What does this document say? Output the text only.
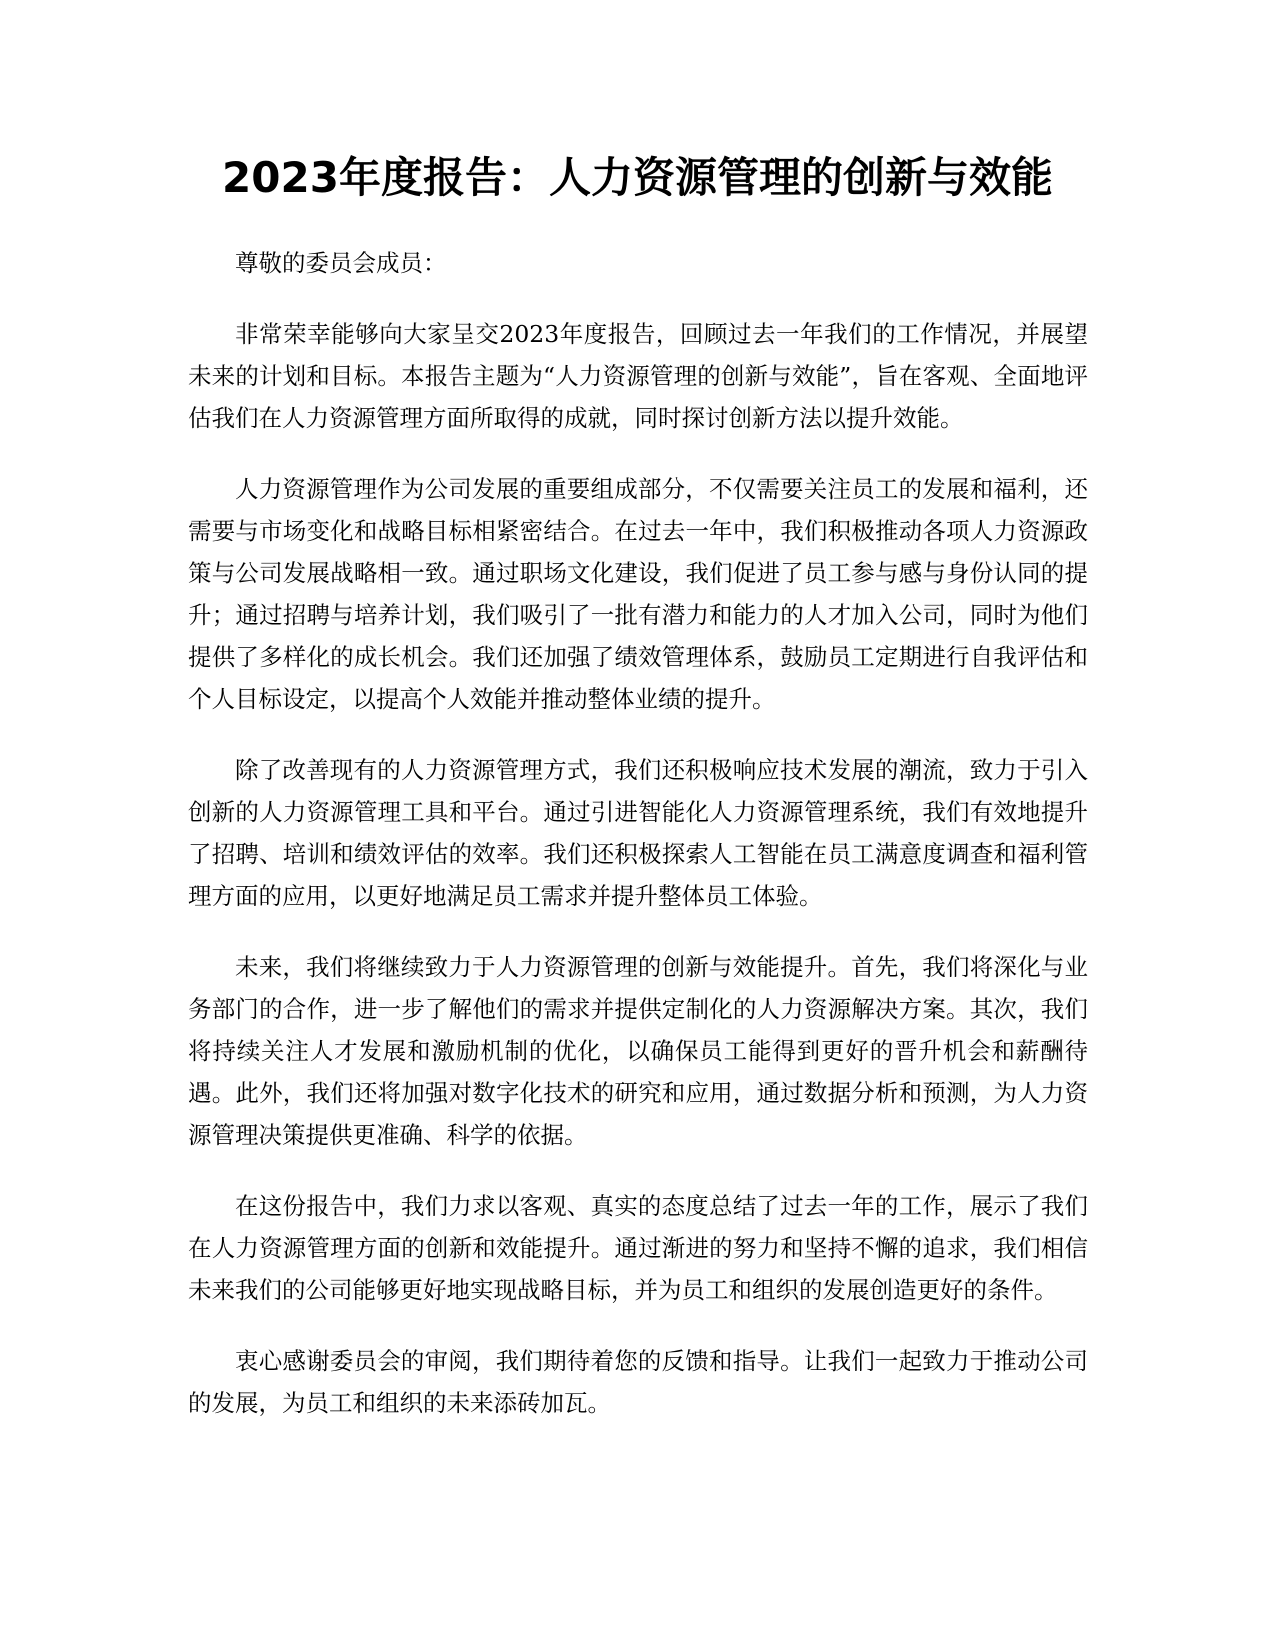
2023年度报告：人力资源管理的创新与效能

尊敬的委员会成员：

非常荣幸能够向大家呈交2023年度报告，回顾过去一年我们的工作情况，并展望未来的计划和目标。本报告主题为“人力资源管理的创新与效能”，旨在客观、全面地评估我们在人力资源管理方面所取得的成就，同时探讨创新方法以提升效能。

人力资源管理作为公司发展的重要组成部分，不仅需要关注员工的发展和福利，还需要与市场变化和战略目标相紧密结合。在过去一年中，我们积极推动各项人力资源政策与公司发展战略相一致。通过职场文化建设，我们促进了员工参与感与身份认同的提升；通过招聘与培养计划，我们吸引了一批有潜力和能力的人才加入公司，同时为他们提供了多样化的成长机会。我们还加强了绩效管理体系，鼓励员工定期进行自我评估和个人目标设定，以提高个人效能并推动整体业绩的提升。

除了改善现有的人力资源管理方式，我们还积极响应技术发展的潮流，致力于引入创新的人力资源管理工具和平台。通过引进智能化人力资源管理系统，我们有效地提升了招聘、培训和绩效评估的效率。我们还积极探索人工智能在员工满意度调查和福利管理方面的应用，以更好地满足员工需求并提升整体员工体验。

未来，我们将继续致力于人力资源管理的创新与效能提升。首先，我们将深化与业务部门的合作，进一步了解他们的需求并提供定制化的人力资源解决方案。其次，我们将持续关注人才发展和激励机制的优化，以确保员工能得到更好的晋升机会和薪酬待遇。此外，我们还将加强对数字化技术的研究和应用，通过数据分析和预测，为人力资源管理决策提供更准确、科学的依据。

在这份报告中，我们力求以客观、真实的态度总结了过去一年的工作，展示了我们在人力资源管理方面的创新和效能提升。通过渐进的努力和坚持不懈的追求，我们相信未来我们的公司能够更好地实现战略目标，并为员工和组织的发展创造更好的条件。

衷心感谢委员会的审阅，我们期待着您的反馈和指导。让我们一起致力于推动公司的发展，为员工和组织的未来添砖加瓦。
